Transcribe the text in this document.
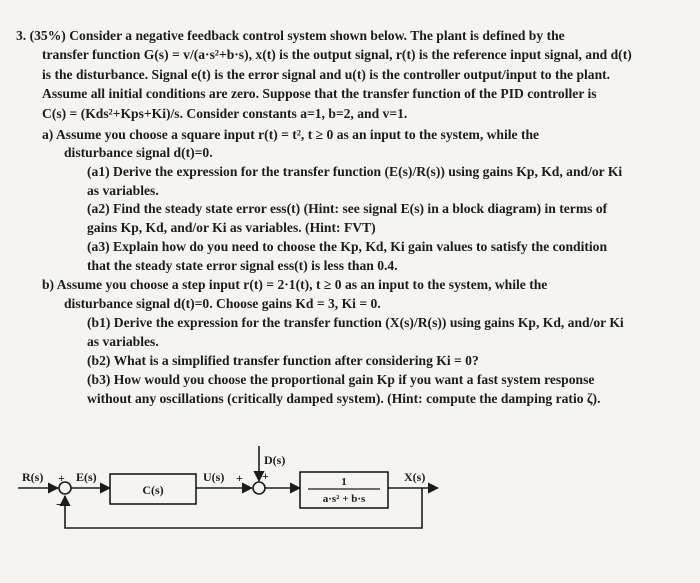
3. (35%) Consider a negative feedback control system shown below. The plant is defined by the
transfer function G(s) = v/(a·s²+b·s), x(t) is the output signal, r(t) is the reference input signal, and d(t)
is the disturbance. Signal e(t) is the error signal and u(t) is the controller output/input to the plant.
Assume all initial conditions are zero. Suppose that the transfer function of the PID controller is
C(s) = (Kds²+Kps+Ki)/s. Consider constants a=1, b=2, and v=1.
a) Assume you choose a square input r(t) = t², t ≥ 0 as an input to the system, while the
disturbance signal d(t)=0.
(a1) Derive the expression for the transfer function (E(s)/R(s)) using gains Kp, Kd, and/or Ki
as variables.
(a2) Find the steady state error ess(t) (Hint: see signal E(s) in a block diagram) in terms of
gains Kp, Kd, and/or Ki as variables. (Hint: FVT)
(a3) Explain how do you need to choose the Kp, Kd, Ki gain values to satisfy the condition
that the steady state error signal ess(t) is less than 0.4.
b) Assume you choose a step input r(t) = 2·1(t), t ≥ 0 as an input to the system, while the
disturbance signal d(t)=0. Choose gains Kd = 3, Ki = 0.
(b1) Derive the expression for the transfer function (X(s)/R(s)) using gains Kp, Kd, and/or Ki
as variables.
(b2) What is a simplified transfer function after considering Ki = 0?
(b3) How would you choose the proportional gain Kp if you want a fast system response
without any oscillations (critically damped system). (Hint: compute the damping ratio ζ).
R(s) +
−
E(s)
C(s)
U(s) +
D(s)
+	1
a·s² + b·s
X(s)
